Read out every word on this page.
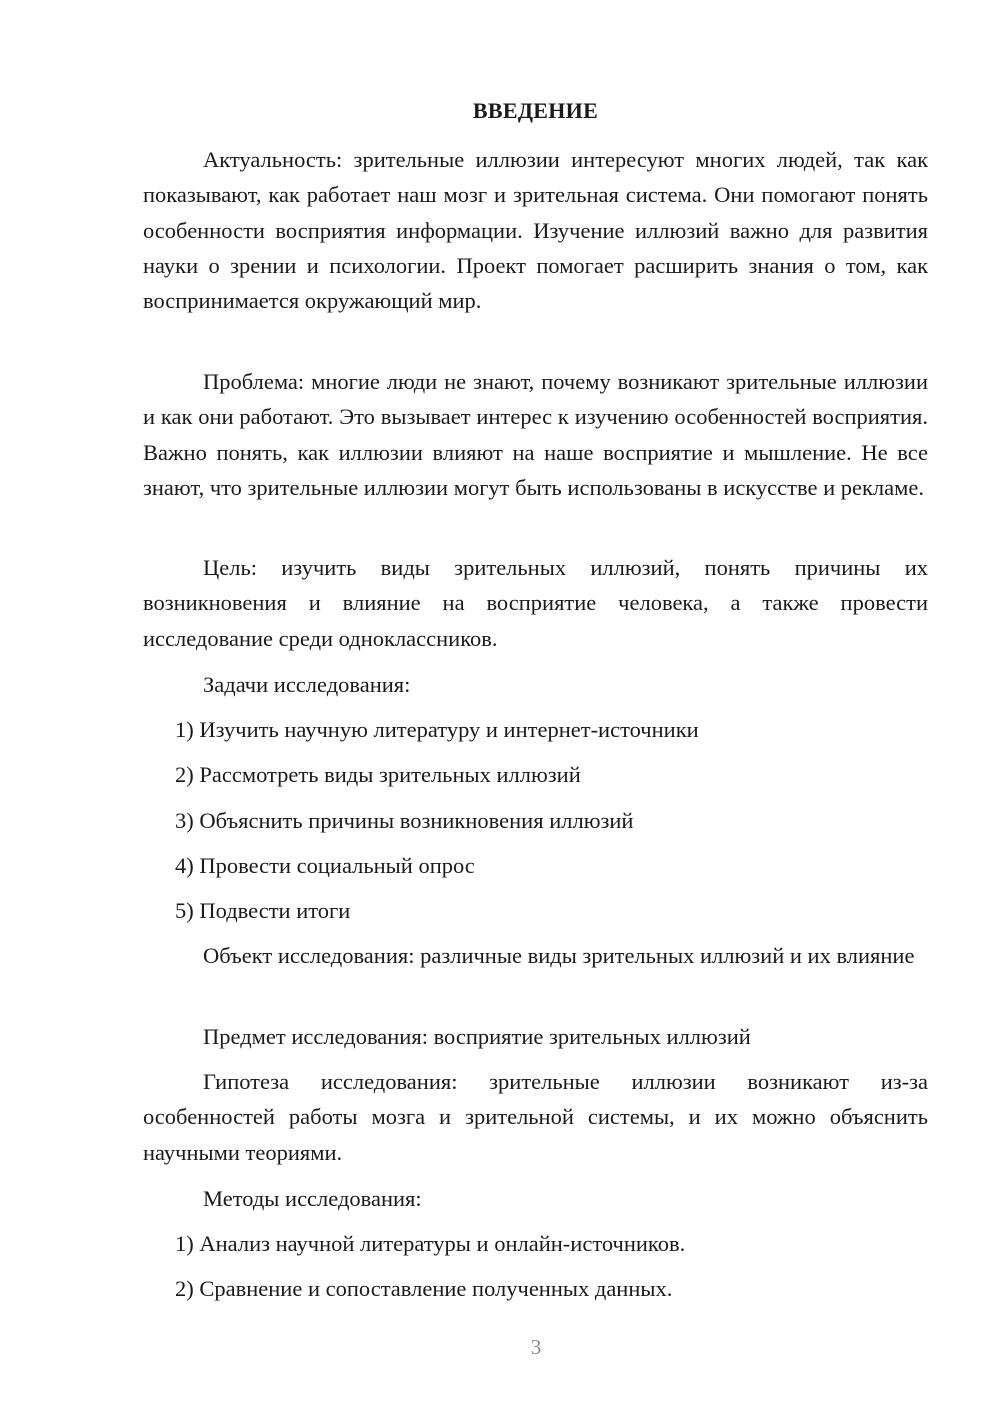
ВВЕДЕНИЕ

Актуальность: зрительные иллюзии интересуют многих людей, так как показывают, как работает наш мозг и зрительная система. Они помогают понять особенности восприятия информации. Изучение иллюзий важно для развития науки о зрении и психологии. Проект помогает расширить знания о том, как воспринимается окружающий мир.

Проблема: многие люди не знают, почему возникают зрительные иллюзии и как они работают. Это вызывает интерес к изучению особенностей восприятия. Важно понять, как иллюзии влияют на наше восприятие и мышление. Не все знают, что зрительные иллюзии могут быть использованы в искусстве и рекламе.

Цель: изучить виды зрительных иллюзий, понять причины их возникновения и влияние на восприятие человека, а также провести исследование среди одноклассников.

Задачи исследования:

1) Изучить научную литературу и интернет-источники

2) Рассмотреть виды зрительных иллюзий

3) Объяснить причины возникновения иллюзий

4) Провести социальный опрос

5) Подвести итоги

Объект исследования: различные виды зрительных иллюзий и их влияние

Предмет исследования: восприятие зрительных иллюзий

Гипотеза исследования: зрительные иллюзии возникают из-за особенностей работы мозга и зрительной системы, и их можно объяснить научными теориями.

Методы исследования:

1) Анализ научной литературы и онлайн-источников.

2) Сравнение и сопоставление полученных данных.

3
